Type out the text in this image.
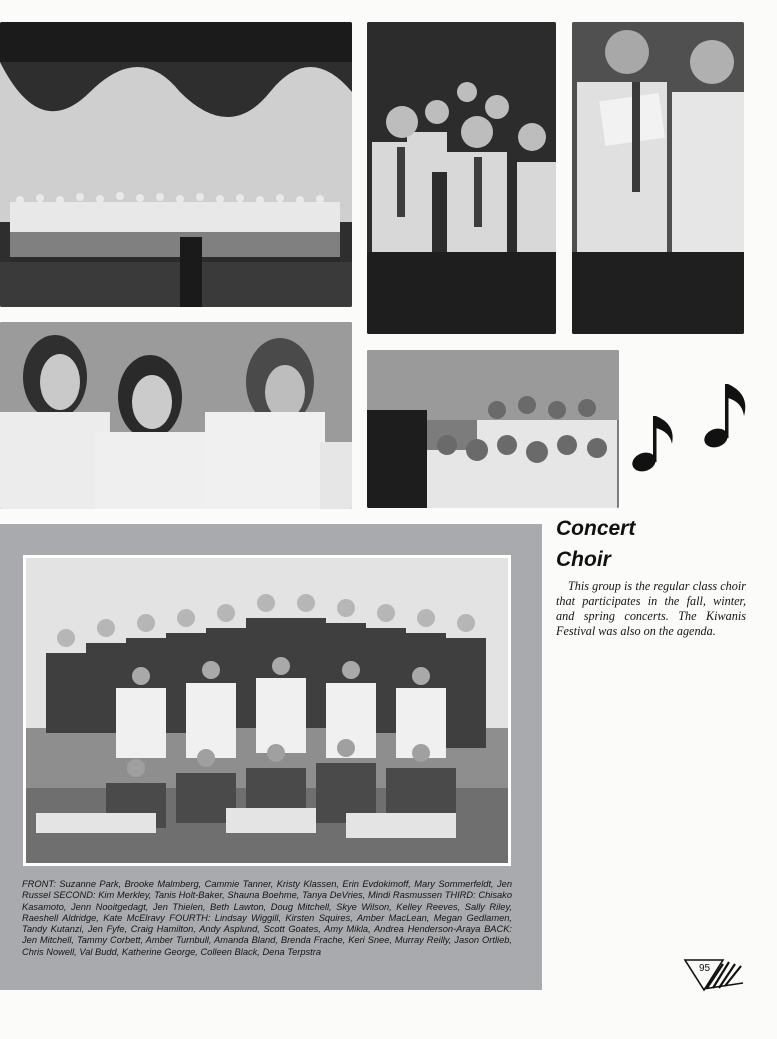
Concert
Choir

This group is the regular class choir that participates in the fall, winter, and spring concerts. The Kiwanis Festival was also on the agenda.

FRONT: Suzanne Park, Brooke Malmberg, Cammie Tanner, Kristy Klassen, Erin Evdokimoff, Mary Sommerfeldt, Jen Russel SECOND: Kim Merkley, Tanis Holt-Baker, Shauna Boehme, Tanya DeVries, Mindi Rasmussen THIRD: Chisako Kasamoto, Jenn Nooitgedagt, Jen Thielen, Beth Lawton, Doug Mitchell, Skye Wilson, Kelley Reeves, Sally Riley, Raeshell Aldridge, Kate McElravy FOURTH: Lindsay Wiggill, Kirsten Squires, Amber MacLean, Megan Gedlamen, Tandy Kutanzi, Jen Fyfe, Craig Hamilton, Andy Asplund, Scott Goates, Amy Mikla, Andrea Henderson-Araya BACK: Jen Mitchell, Tammy Corbett, Amber Turnbull, Amanda Bland, Brenda Frache, Keri Snee, Murray Reilly, Jason Ortlieb, Chris Nowell, Val Budd, Katherine George, Colleen Black, Dena Terpstra

95
